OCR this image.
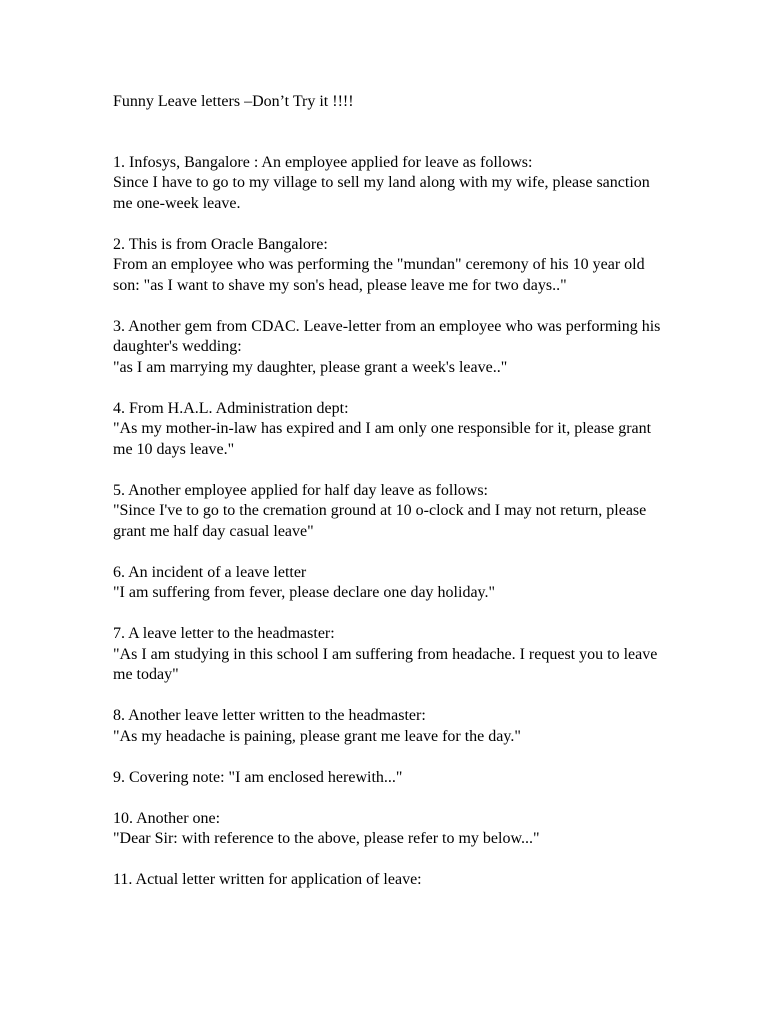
Funny Leave letters –Don’t Try it !!!!

1. Infosys, Bangalore : An employee applied for leave as follows:

Since I have to go to my village to sell my land along with my wife, please sanction me one-week leave.

2. This is from Oracle Bangalore:

From an employee who was performing the "mundan" ceremony of his 10 year old son: "as I want to shave my son's head, please leave me for two days.."

3. Another gem from CDAC. Leave-letter from an employee who was performing his daughter's wedding:

"as I am marrying my daughter, please grant a week's leave.."

4. From H.A.L. Administration dept:

"As my mother-in-law has expired and I am only one responsible for it, please grant me 10 days leave."

5. Another employee applied for half day leave as follows:

"Since I've to go to the cremation ground at 10 o-clock and I may not return, please grant me half day casual leave"

6. An incident of a leave letter

"I am suffering from fever, please declare one day holiday."

7. A leave letter to the headmaster:

"As I am studying in this school I am suffering from headache. I request you to leave me today"

8. Another leave letter written to the headmaster:

"As my headache is paining, please grant me leave for the day."

9. Covering note: "I am enclosed herewith..."

10. Another one:

"Dear Sir: with reference to the above, please refer to my below..."

11. Actual letter written for application of leave:
